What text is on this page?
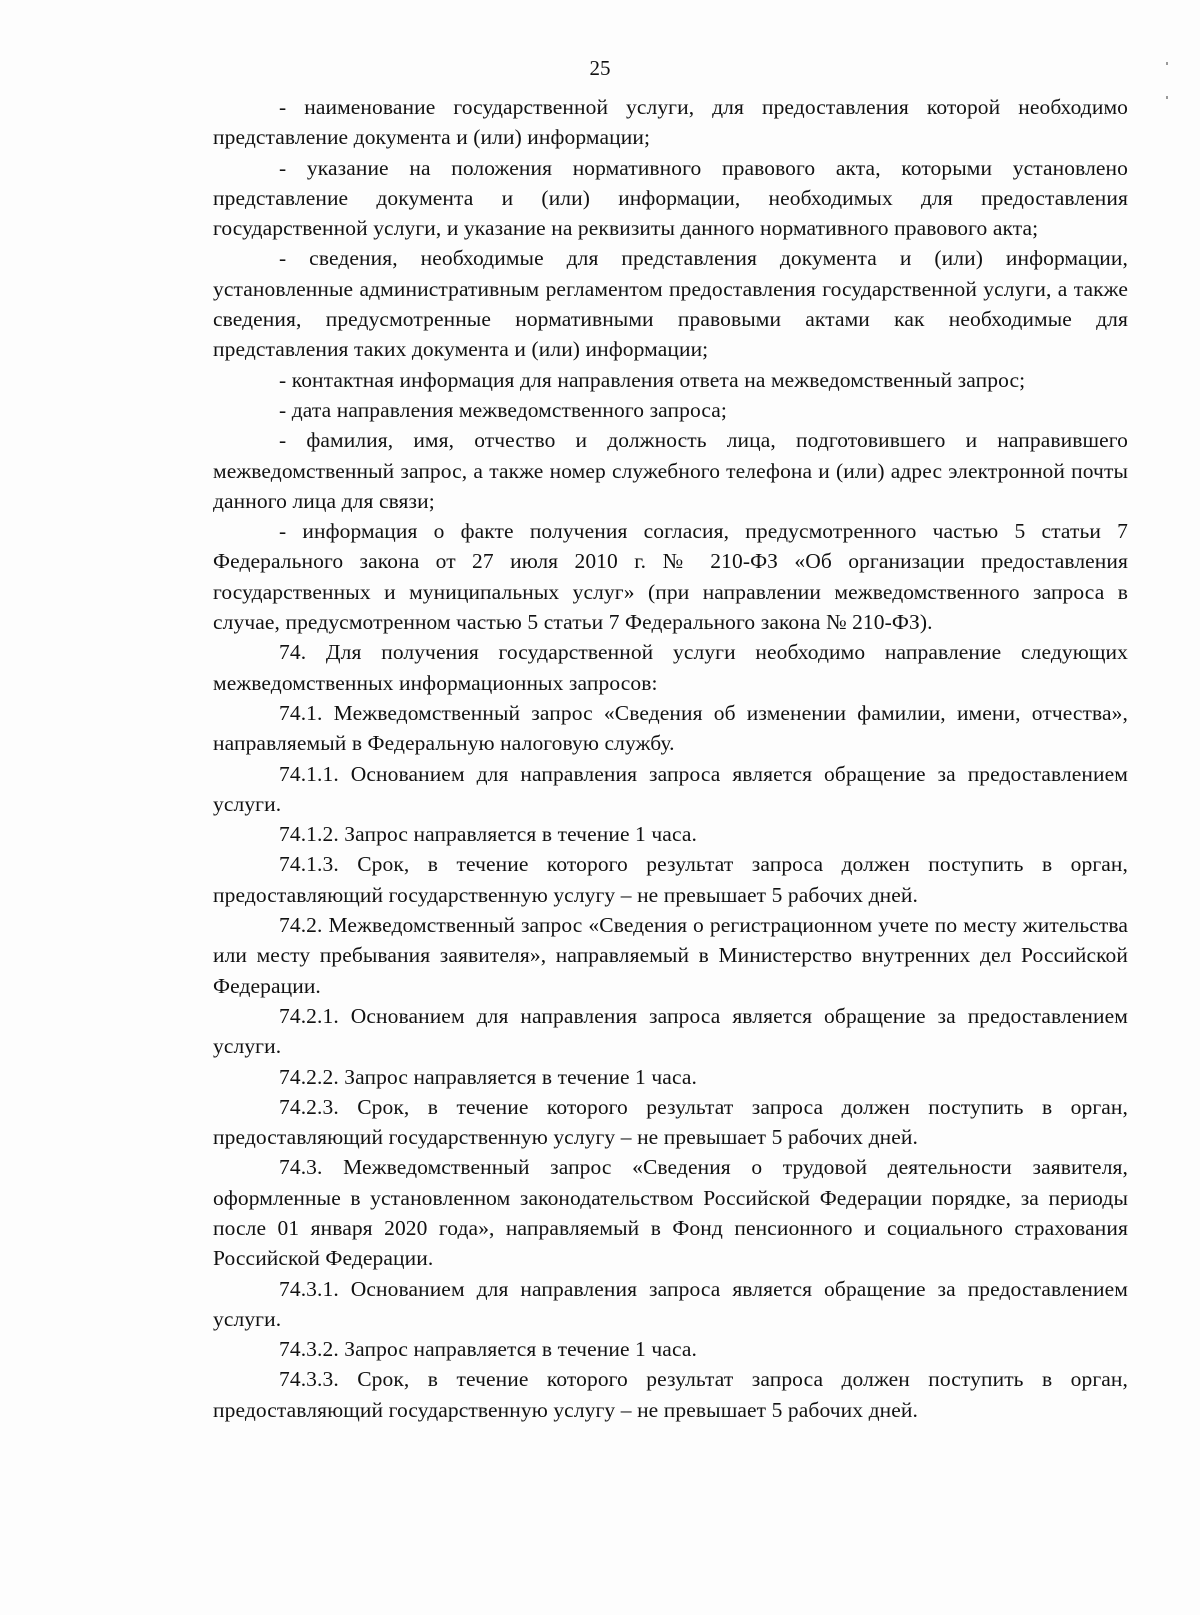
25

- наименование государственной услуги, для предоставления которой необходимо представление документа и (или) информации;

- указание на положения нормативного правового акта, которыми установлено представление документа и (или) информации, необходимых для предоставления государственной услуги, и указание на реквизиты данного нормативного правового акта;

- сведения, необходимые для представления документа и (или) информации, установленные административным регламентом предоставления государственной услуги, а также сведения, предусмотренные нормативными правовыми актами как необходимые для представления таких документа и (или) информации;

- контактная информация для направления ответа на межведомственный запрос;

- дата направления межведомственного запроса;

- фамилия, имя, отчество и должность лица, подготовившего и направившего межведомственный запрос, а также номер служебного телефона и (или) адрес электронной почты данного лица для связи;

- информация о факте получения согласия, предусмотренного частью 5 статьи 7 Федерального закона от 27 июля 2010 г. № 210-ФЗ «Об организации предоставления государственных и муниципальных услуг» (при направлении межведомственного запроса в случае, предусмотренном частью 5 статьи 7 Федерального закона № 210-ФЗ).

74. Для получения государственной услуги необходимо направление следующих межведомственных информационных запросов:

74.1. Межведомственный запрос «Сведения об изменении фамилии, имени, отчества», направляемый в Федеральную налоговую службу.

74.1.1. Основанием для направления запроса является обращение за предоставлением услуги.

74.1.2. Запрос направляется в течение 1 часа.

74.1.3. Срок, в течение которого результат запроса должен поступить в орган, предоставляющий государственную услугу – не превышает 5 рабочих дней.

74.2. Межведомственный запрос «Сведения о регистрационном учете по месту жительства или месту пребывания заявителя», направляемый в Министерство внутренних дел Российской Федерации.

74.2.1. Основанием для направления запроса является обращение за предоставлением услуги.

74.2.2. Запрос направляется в течение 1 часа.

74.2.3. Срок, в течение которого результат запроса должен поступить в орган, предоставляющий государственную услугу – не превышает 5 рабочих дней.

74.3. Межведомственный запрос «Сведения о трудовой деятельности заявителя, оформленные в установленном законодательством Российской Федерации порядке, за периоды после 01 января 2020 года», направляемый в Фонд пенсионного и социального страхования Российской Федерации.

74.3.1. Основанием для направления запроса является обращение за предоставлением услуги.

74.3.2. Запрос направляется в течение 1 часа.

74.3.3. Срок, в течение которого результат запроса должен поступить в орган, предоставляющий государственную услугу – не превышает 5 рабочих дней.
